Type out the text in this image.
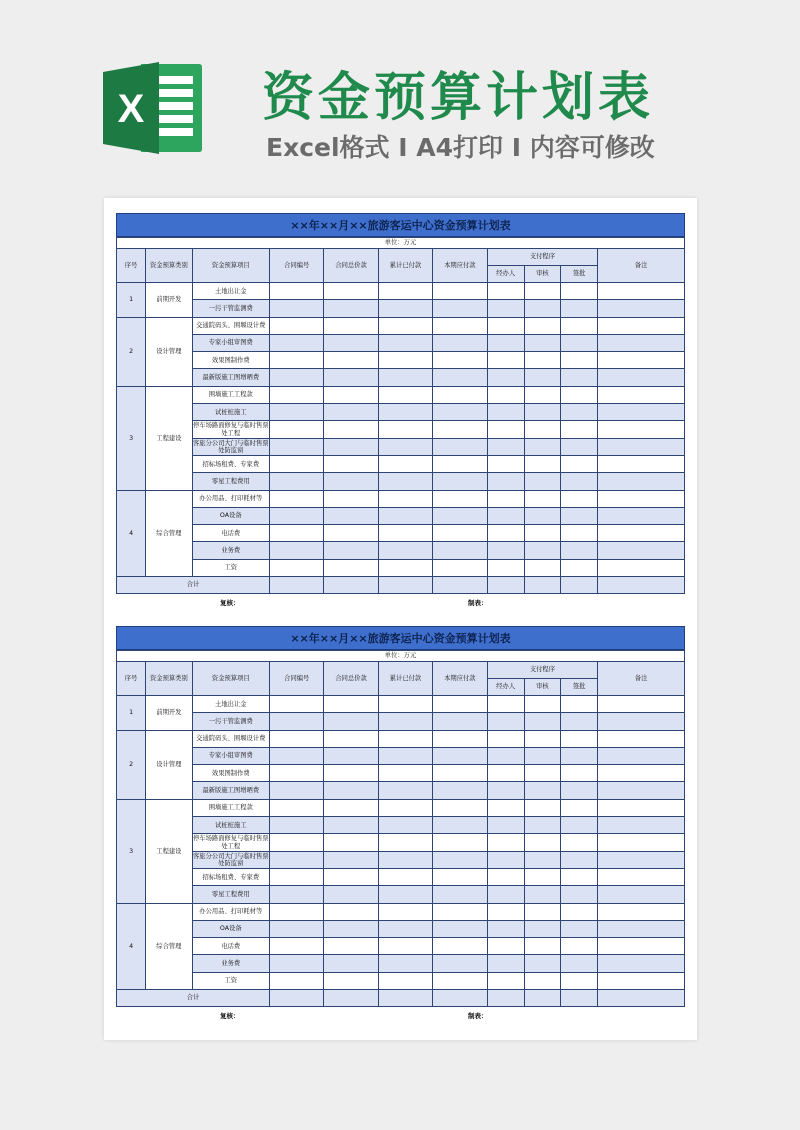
X 资金预算计划表
Excel格式 I A4打印 I 内容可修改
××年××月××旅游客运中心资金预算计划表
单位：万元										
序号	资金预算类别	资金预算项目	合同编号	合同总价款	累计已付款	本期应付款	支付程序			备注
							经办人	审核	签批	
1	前期开发	土地出让金								
		一污干管监测费								
2	设计管理	交通院码头、围堰设计费								
		专家小组审图费								
		效果图制作费								
		最新版施工图增晒费								
3	工程建设	围墙施工工程款								
		试桩桩施工								
		停车场路面修复与临时售票处工程								
		客旅分公司大门与临时售票处防监窗								
		招标场租费、专家费								
		零星工程费用								
4	综合管理	办公用品、打印耗材等								
		OA设备								
		电话费								
		业务费								
		工资								
合计										
复核：	制表：
××年××月××旅游客运中心资金预算计划表
单位：万元										
序号	资金预算类别	资金预算项目	合同编号	合同总价款	累计已付款	本期应付款	支付程序			备注
							经办人	审核	签批	
1	前期开发	土地出让金								
		一污干管监测费								
2	设计管理	交通院码头、围堰设计费								
		专家小组审图费								
		效果图制作费								
		最新版施工图增晒费								
3	工程建设	围墙施工工程款								
		试桩桩施工								
		停车场路面修复与临时售票处工程								
		客旅分公司大门与临时售票处防监窗								
		招标场租费、专家费								
		零星工程费用								
4	综合管理	办公用品、打印耗材等								
		OA设备								
		电话费								
		业务费								
		工资								
合计										
复核：	制表：
